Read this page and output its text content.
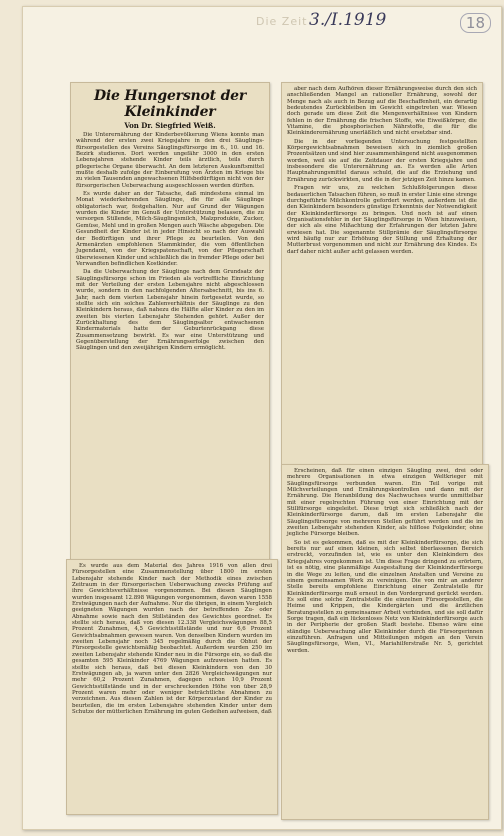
Die Zeit 3./I.1919	18
Die Hungersnot der Kleinkinder
Von Dr. Siegfried Weiß.

Die Unterernährung der Kinderbevölkerung Wiens konnte man während der ersten zwei Kriegsjahre in den drei Säuglings-fürsorgestellen des Vereins Säuglingsfürsorge im 6., 10. und 16. Bezirk studieren. Dort werden ungefähr 3000 in den ersten Lebensjahren stehende Kinder teils ärztlich, teils durch pflegerische Organe überwacht. An dem letzteren Auskunftsmittel mußte deshalb zufolge der Einberufung von Ärzten im Kriege bis zu vielen Tausenden angewachsenen Hilfsbedürftigen nicht von der fürsorgerischen Ueberwachung ausgeschlossen werden dürften.

Es wurde daher an der Tatsache, daß mindestens einmal im Monat wiederkehrenden Säuglinge, die für alle Säuglinge obligatorisch war, festgehalten. Nur auf Grund der Wägungen wurden die Kinder im Genuß der Unterstützung belassen, die zu versorgen Stillende, Milch-Säuglingsmilch, Malzprodukte, Zucker, Gemüse, Mehl und in großen Mengen auch Wäsche abgegeben. Die Gesundheit der Kinder ist in jeder Hinsicht so nach der Auswahl der Bedürftigen und ihrer Pflege zu beurteilen. Von den Armenärzten empfohlenen Stammkinder, die vom öffentlichen Jugendamt, von der Kriegspatenschaft, von der Pflegerschaft überwiesenen Kinder und schließlich die in fremder Pflege oder bei Verwandten befindlichen Kostkinder.

Da die Ueberwachung der Säuglinge nach dem Grundsatz der Säuglingsfürsorge schon im Frieden als vortreffliche Einrichtung mit der Verteilung der ersten Lebensjahre nicht abgeschlossen wurde, sondern in den nachfolgenden Altersabschnitt, bis ins 6. Jahr, nach dem vierten Lebensjahr hinein fortgesetzt wurde, so stellte sich ein solches Zahlenverhältnis der Säuglinge zu den Kleinkindern heraus, daß nahezu die Hälfte aller Kinder zu den im zweiten bis vierten Lebensjahr Stehenden gehört. Außer der Zurückhaltung des dem Säuglingsalter entwachsenen Kindermaterials hatte der Geburtenrückgang diese Zusammensetzung bewirkt. Es war eine Unterstützung und Gegenüberstellung der Ernährungserfolge zwischen den Säuglingen und den zweijährigen Kindern ermöglicht.

Es wurde aus dem Material des Jahres 1916 von allen drei Fürsorgestellen eine Zusammenstellung über 1800 im ersten Lebensjahr stehende Kinder nach der Methodik eines zwischen Zeitraum in der fürsorgerischen Ueberwachung zwecks Prüfung auf ihre Gewichtsverhältnisse vorgenommen. Bei diesen Säuglingen wurden insgesamt 12.898 Wägungen vorgenommen, davon waren 1558 Erstwägungen nach der Aufnahme. Nur die übrigen, in einem Vergleich geeigneten Wägungen wurden nach der betreffenden Zu- oder Abnahme sowie nach den Stillständen des Gewichtes geordnet. Es stellte sich heraus, daß von diesen 12.338 Vergleichswägungen 88,5 Prozent Zunahmen, 4,5 Gewichtsstillstände und nur 6,6 Prozent Gewichtsabnahmen gewesen waren. Von denselben Kindern wurden im zweiten Lebensjahr noch 345 regelmäßig durch die Obhut der Fürsorgestelle gewichtsmäßig beobachtet. Außerdem wurden 250 im zweiten Lebensjahr stehende Kinder neu in die Fürsorge ein, so daß die gesamten 595 Kleinkinder 4769 Wägungen aufzuweisen hatten. Es stellte sich heraus, daß bei diesen Kleinkindern von den 30 Erstwägungen ab, ja waren unter den 2826 Vergleichswägungen nur mehr 60,2 Prozent Zunahmen, dagegen schon 10,9 Prozent Gewichtsstillstände und in der erschreckenden Höhe von über 28,9 Prozent waren mehr oder weniger beträchtliche Abnahmen zu verzeichnen. Aus diesen Zahlen ist der Körperzustand der Kinder zu beurteilen, die im ersten Lebensjahre stehenden Kinder unter dem Schutze der mütterlichen Ernährung im guten Gedeihen aufweisen, daß

aber nach dem Aufhören dieser Ernährungsweise durch den sich anschließenden Mangel an rationeller Ernährung, sowohl der Menge nach als auch in Bezug auf die Beschaffenheit, ein derartig bedeutendes Zurückbleiben im Gewicht eingetreten war. Wiesen doch gerade um diese Zeit die Mengenverhältnisse von Kindern fehlen in der Ernährung die frischen Stoffe, wie Eiweißkörper, die Vitamine, die phosphorischen Nährstoffe, die für die Kleinkinderernährung unerläßlich und nicht ersetzbar sind.

Die in der vorliegenden Untersuchung festgestellten Körpergewichtsabnahmen beweisen sich in ziemlich großen Prozentsätzen und sind hier zusammenhängend nicht ausgenommen worden, weil sie auf die Zeitdauer der ersten Kriegsjahre und insbesondere die Unterernährung an. Es werden alle Arten Hauptnahrungsmittel daraus schuld, die auf die Erziehung und Ernährung zurückwirkten, und die in der jetzigen Zeit hinzu kamen.

Fragen wir uns, zu welchen Schlußfolgerungen diese bedauerlichen Tatsachen führen, so muß in erster Linie eine strenge durchgeführte Milchkontrolle gefordert werden, außerdem ist die den Kleinkindern besonders günstige Erkenntnis der Notwendigkeit der Kleinkinderfürsorge zu bringen. Und noch ist auf einen Organisationsfehler in der Säuglingsfürsorge in Wien hinzuweisen, der sich als eine Mißachtung der Erfahrungen der letzten Jahre erwiesen hat. Die sogenannte Stillprämie der Säuglingsfürsorge wird häufig nur zur Erhöhung der Stillung und Erhaltung der Mutterbrust vorgenommen und nicht zur Ernährung des Kindes. Es darf daher nicht außer acht gelassen werden.

Erscheinen, daß für einen einzigen Säugling zwei, drei oder mehrere Organisationen in etwa einzigen Weltkrieger mit Säuglingsfürsorge verbunden waren. Ein Teil vorige mit Milchverteilungen und Ernährungskontrollen und dann mit der Ernährung. Die Heranbildung des Nachwuchses wurde unmittelbar mit einer regelrechten Führung von einer Einrichtung mit der Stillfürsorge eingeleitet. Diese trügt sich schließlich nach der Kleinkinderfürsorge darum, daß im ersten Lebensjahr die Säuglingsfürsorge von mehreren Stellen geführt werden und die im zweiten Lebensjahr stehenden Kinder, als hilflose Folgekinder, ohne jegliche Fürsorge bleiben.

So ist es gekommen, daß es mit der Kleinkinderfürsorge, die sich bereits nur auf einen kleinen, sich selbst überlassenen Bereich erstreckt, vorzufinden ist, wie es unter den Kleinkindern des Kriegsjahres vorgekommen ist. Um diese Frage dringend zu erörtern, ist es nötig, eine planmäßige Ausgestaltung der Kleinkinderfürsorge in die Wege zu leiten, und die einzelnen Anstalten und Vereine zu einem gemeinsamen Werk zu vereinigen. Die von mir an anderer Stelle bereits empfohlene Einrichtung einer Zentralstelle für Kleinkinderfürsorge muß erneut in den Vordergrund gerückt werden. Es soll eine solche Zentralstelle die einzelnen Fürsorgestellen, die Heime und Krippen, die Kindergärten und die ärztlichen Beratungsstellen zu gemeinsamer Arbeit verbinden, und sie soll dafür Sorge tragen, daß ein lückenloses Netz von Kleinkinderfürsorge auch in der Peripherie der großen Stadt bestehe. Ebenso wäre eine ständige Ueberwachung aller Kleinkinder durch die Fürsorgerinnen einzuführen. Anfragen und Mitteilungen mögen an den Verein Säuglingsfürsorge, Wien, VI., Mariahilferstraße Nr. 5, gerichtet werden.
